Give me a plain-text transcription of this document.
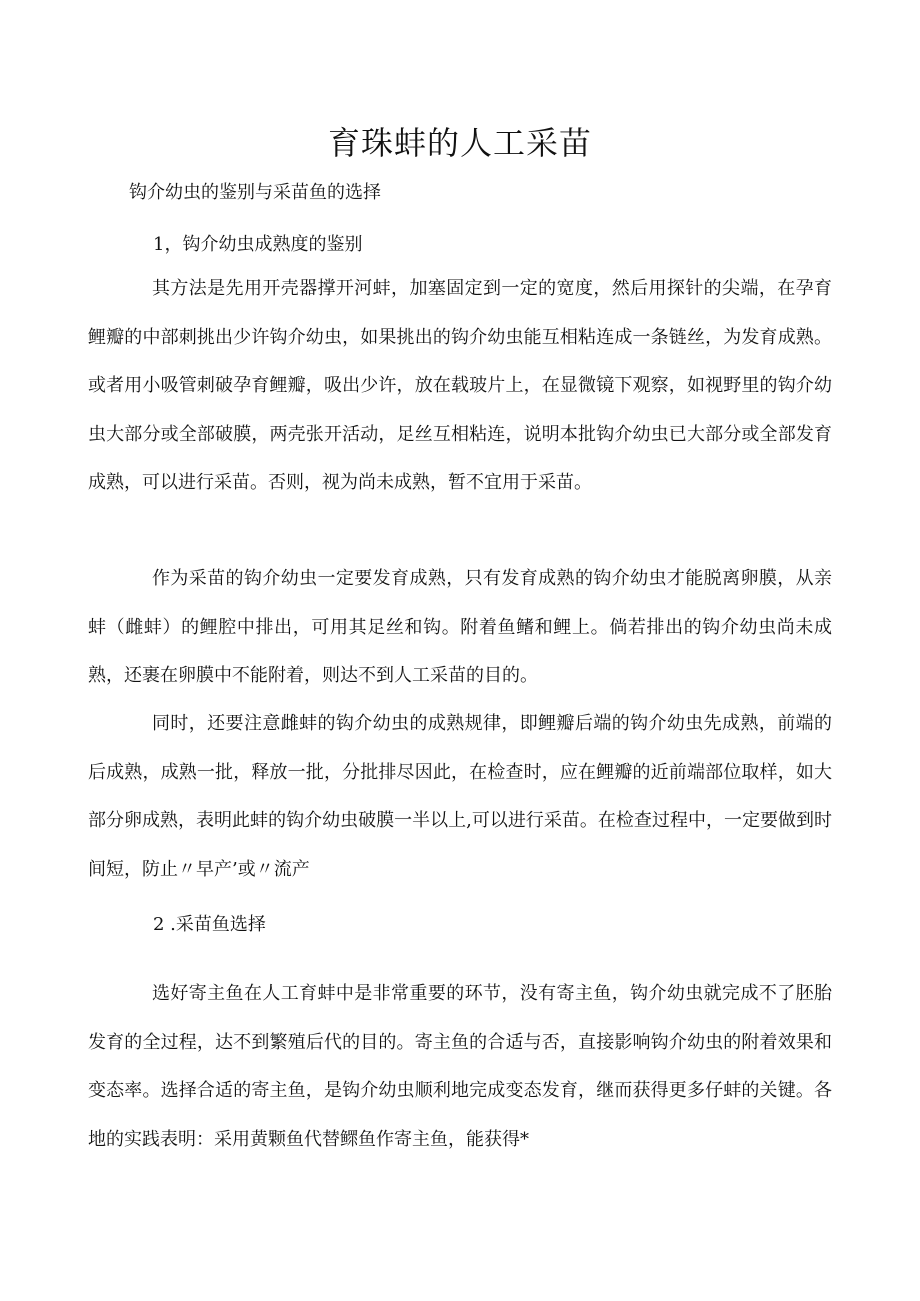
育珠蚌的人工采苗

钩介幼虫的鉴别与采苗鱼的选择

1，钩介幼虫成熟度的鉴别

其方法是先用开壳器撑开河蚌，加塞固定到一定的宽度，然后用探针的尖端，在孕育鲤瓣的中部刺挑出少许钩介幼虫，如果挑出的钩介幼虫能互相粘连成一条链丝，为发育成熟。或者用小吸管刺破孕育鲤瓣，吸出少许，放在载玻片上，在显微镜下观察，如视野里的钩介幼虫大部分或全部破膜，两壳张开活动，足丝互相粘连，说明本批钩介幼虫已大部分或全部发育成熟，可以进行采苗。否则，视为尚未成熟，暂不宜用于采苗。

作为采苗的钩介幼虫一定要发育成熟，只有发育成熟的钩介幼虫才能脱离卵膜，从亲蚌（雌蚌）的鲤腔中排出，可用其足丝和钩。附着鱼鳍和鲤上。倘若排出的钩介幼虫尚未成熟，还裹在卵膜中不能附着，则达不到人工采苗的目的。

同时，还要注意雌蚌的钩介幼虫的成熟规律，即鲤瓣后端的钩介幼虫先成熟，前端的后成熟，成熟一批，释放一批，分批排尽因此，在检查时，应在鲤瓣的近前端部位取样，如大部分卵成熟，表明此蚌的钩介幼虫破膜一半以上,可以进行采苗。在检查过程中，一定要做到时间短，防止〃早产’或〃流产

2 .采苗鱼选择

选好寄主鱼在人工育蚌中是非常重要的环节，没有寄主鱼，钩介幼虫就完成不了胚胎发育的全过程，达不到繁殖后代的目的。寄主鱼的合适与否，直接影响钩介幼虫的附着效果和变态率。选择合适的寄主鱼，是钩介幼虫顺利地完成变态发育，继而获得更多仔蚌的关键。各地的实践表明：采用黄颗鱼代替鳏鱼作寄主鱼，能获得*
